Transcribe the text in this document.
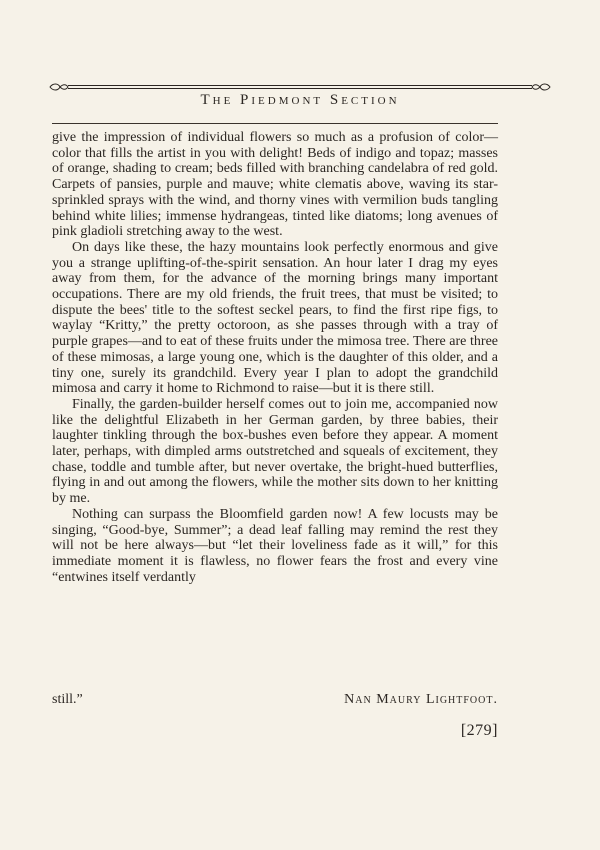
The Piedmont Section

give the impression of individual flowers so much as a profusion of color—color that fills the artist in you with delight! Beds of indigo and topaz; masses of orange, shading to cream; beds filled with branching candelabra of red gold. Carpets of pansies, purple and mauve; white clematis above, waving its star-sprinkled sprays with the wind, and thorny vines with vermilion buds tangling behind white lilies; immense hydrangeas, tinted like diatoms; long avenues of pink gladioli stretching away to the west.

On days like these, the hazy mountains look perfectly enormous and give you a strange uplifting-of-the-spirit sensation. An hour later I drag my eyes away from them, for the advance of the morning brings many important occupations. There are my old friends, the fruit trees, that must be visited; to dispute the bees' title to the softest seckel pears, to find the first ripe figs, to waylay “Kritty,” the pretty octoroon, as she passes through with a tray of purple grapes—and to eat of these fruits under the mimosa tree. There are three of these mimosas, a large young one, which is the daughter of this older, and a tiny one, surely its grandchild. Every year I plan to adopt the grandchild mimosa and carry it home to Richmond to raise—but it is there still.

Finally, the garden-builder herself comes out to join me, accompanied now like the delightful Elizabeth in her German garden, by three babies, their laughter tinkling through the box-bushes even before they appear. A moment later, perhaps, with dimpled arms outstretched and squeals of excitement, they chase, toddle and tumble after, but never overtake, the bright-hued butterflies, flying in and out among the flowers, while the mother sits down to her knitting by me.

Nothing can surpass the Bloomfield garden now! A few locusts may be singing, “Good-bye, Summer”; a dead leaf falling may remind the rest they will not be here always—but “let their loveliness fade as it will,” for this immediate moment it is flawless, no flower fears the frost and every vine “entwines itself verdantly

still.”	Nan Maury Lightfoot.
[279]
